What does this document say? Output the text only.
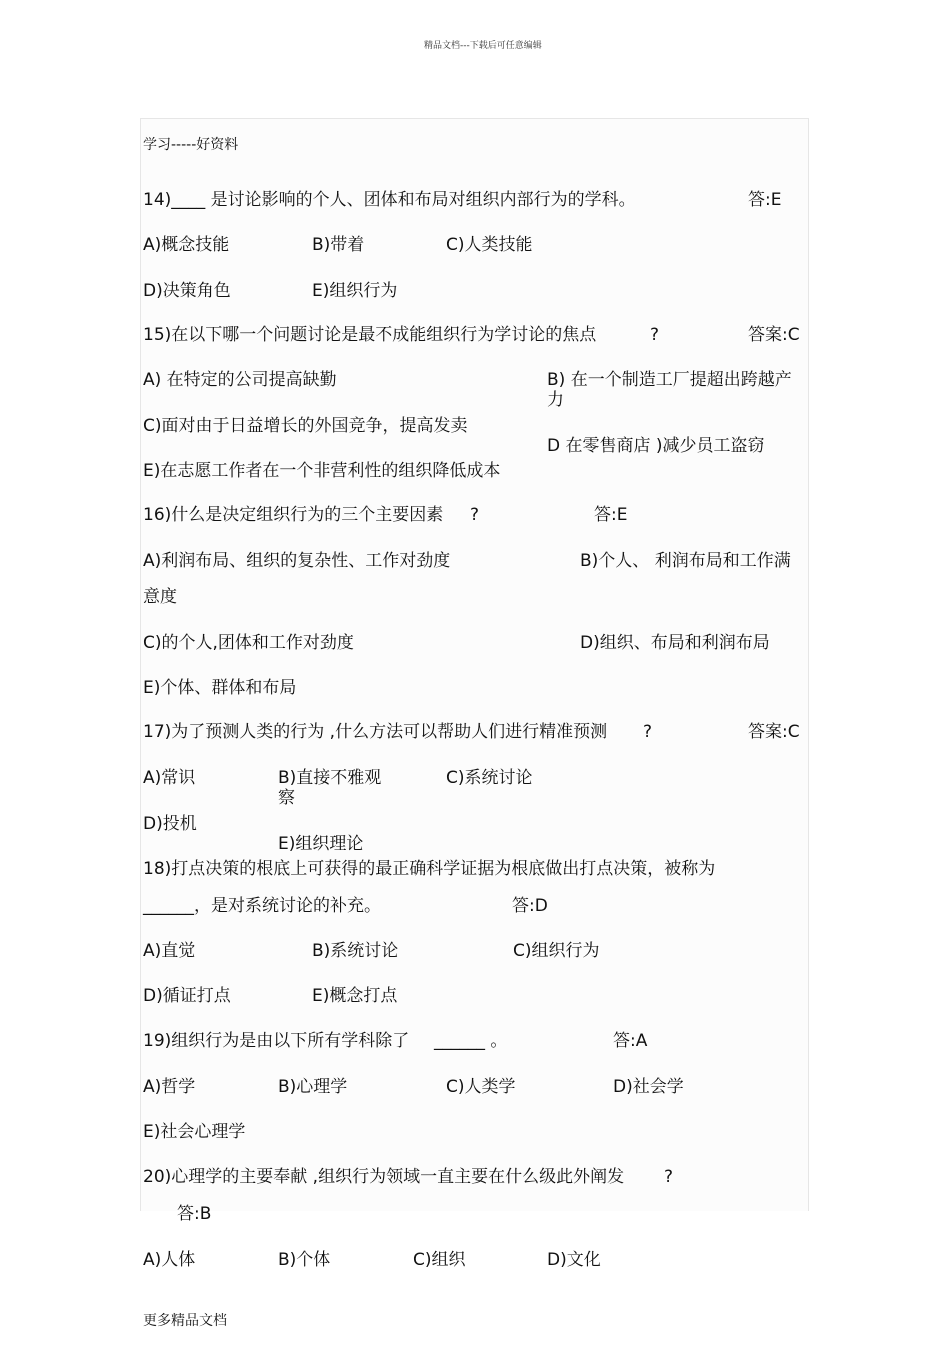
精品文档---下载后可任意编辑
学习-----好资料
14)____ 是讨论影响的个人、团体和布局对组织内部行为的学科。	答:E
A)概念技能	B)带着	C)人类技能
D)决策角色	E)组织行为
15)在以下哪一个问题讨论是最不成能组织行为学讨论的焦点	?	答案:C
A) 在特定的公司提高缺勤	B) 在一个制造工厂提超出跨越产力
C)面对由于日益增长的外国竞争，提高发卖
D 在零售商店 )减少员工盗窃
E)在志愿工作者在一个非营利性的组织降低成本
16)什么是决定组织行为的三个主要因素 ?	答:E
A)利润布局、组织的复杂性、工作对劲度	B)个人、 利润布局和工作满
意度
C)的个人,团体和工作对劲度	D)组织、布局和利润布局
E)个体、群体和布局
17)为了预测人类的行为 ,什么方法可以帮助人们进行精准预测 ?	答案:C
A)常识	B)直接不雅观察
C)系统讨论
D)投机
E)组织理论
18)打点决策的根底上可获得的最正确科学证据为根底做出打点决策，被称为
______，是对系统讨论的补充。	答:D
A)直觉	B)系统讨论	C)组织行为
D)循证打点	E)概念打点
19)组织行为是由以下所有学科除了 ______ 。	答:A
A)哲学	B)心理学	C)人类学	D)社会学
E)社会心理学
20)心理学的主要奉献 ,组织行为领域一直主要在什么级此外阐发 ?
答:B
A)人体	B)个体	C)组织	D)文化
更多精品文档
